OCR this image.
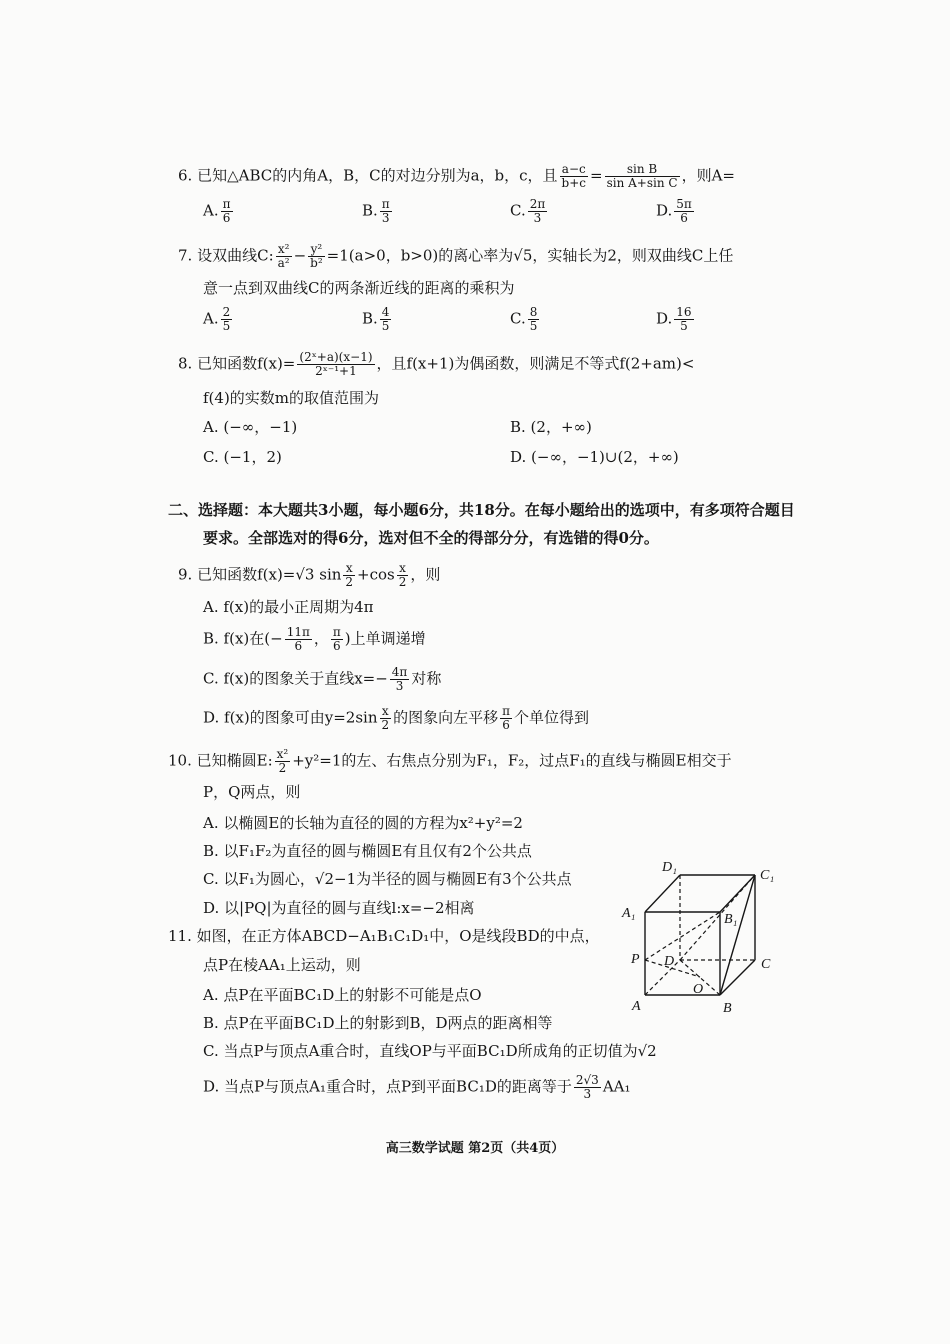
6. 已知△ABC的内角A，B，C的对边分别为a，b，c，且 $\frac{a-c}{b+c} = \frac{\text{sin B}}{\text{sin A+sin C}}$ ，则A=
A. $\frac{\pi}{6}$	B. $\frac{\pi}{3}$	C. $\frac{2\pi}{3}$	D. $\frac{5\pi}{6}$
7. 设双曲线C: $\frac{\text{x²}}{\text{a²}} - \frac{\text{y²}}{\text{b²}} =1(a>0$，b>0)的离心率为√5，实轴长为2，则双曲线C上任
意一点到双曲线C的两条渐近线的距离的乘积为
A. $\frac{2}{5}$	B. $\frac{4}{5}$	C. $\frac{8}{5}$	D. $\frac{16}{5}$
8. 已知函数$f(x)= \frac{\text{(2ˣ+a)(x−1)}}{\text{2ˣ⁻¹+1}}$ ，且f(x+1)为偶函数，则满足不等式f(2+am)<
f(4)的实数m的取值范围为
A. (−∞，−1)	B. (2，+∞)
C. (−1，2)	D. (−∞，−1)∪(2，+∞)
二、选择题：本大题共3小题，每小题6分，共18分。在每小题给出的选项中，有多项符合题目
要求。全部选对的得6分，选对但不全的得部分分，有选错的得0分。
9. 已知函数f(x)=√3 $\sin \frac{x}{2} +\cos \frac{x}{2}$ ，则
A. f(x)的最小正周期为4π
B. f(x)在(− $\frac{11\pi}{6}$ ， $\frac{\pi}{6}$ )上单调递增
C. f(x)的图象关于直线$x=- \frac{4\pi}{3}$ 对称
D. f(x)的图象可由$y=2\sin \frac{x}{2}$ 的图象向左平移 $\frac{\pi}{6}$ 个单位得到
10. 已知椭圆E: $\frac{\text{x²}}{2} +y^2=1$的左、右焦点分别为F₁，F₂，过点F₁的直线与椭圆E相交于
P，Q两点，则
A. 以椭圆E的长轴为直径的圆的方程为x²+y²=2
B. 以F₁F₂为直径的圆与椭圆E有且仅有2个公共点
C. 以F₁为圆心，√2−1为半径的圆与椭圆E有3个公共点
D. 以|PQ|为直径的圆与直线l:x=−2相离
11. 如图，在正方体ABCD−A₁B₁C₁D₁中，O是线段BD的中点，
点P在棱AA₁上运动，则
A. 点P在平面BC₁D上的射影不可能是点O
B. 点P在平面BC₁D上的射影到B，D两点的距离相等
C. 当点P与顶点A重合时，直线OP与平面BC₁D所成角的正切值为√2
D. 当点P与顶点A₁重合时，点P到平面BC₁D的距离等于 $\frac{2√3}{3} AA_1$
D₁
C₁
A₁	B₁
P D	C
O
A	B
高三数学试题 第2页（共4页）
